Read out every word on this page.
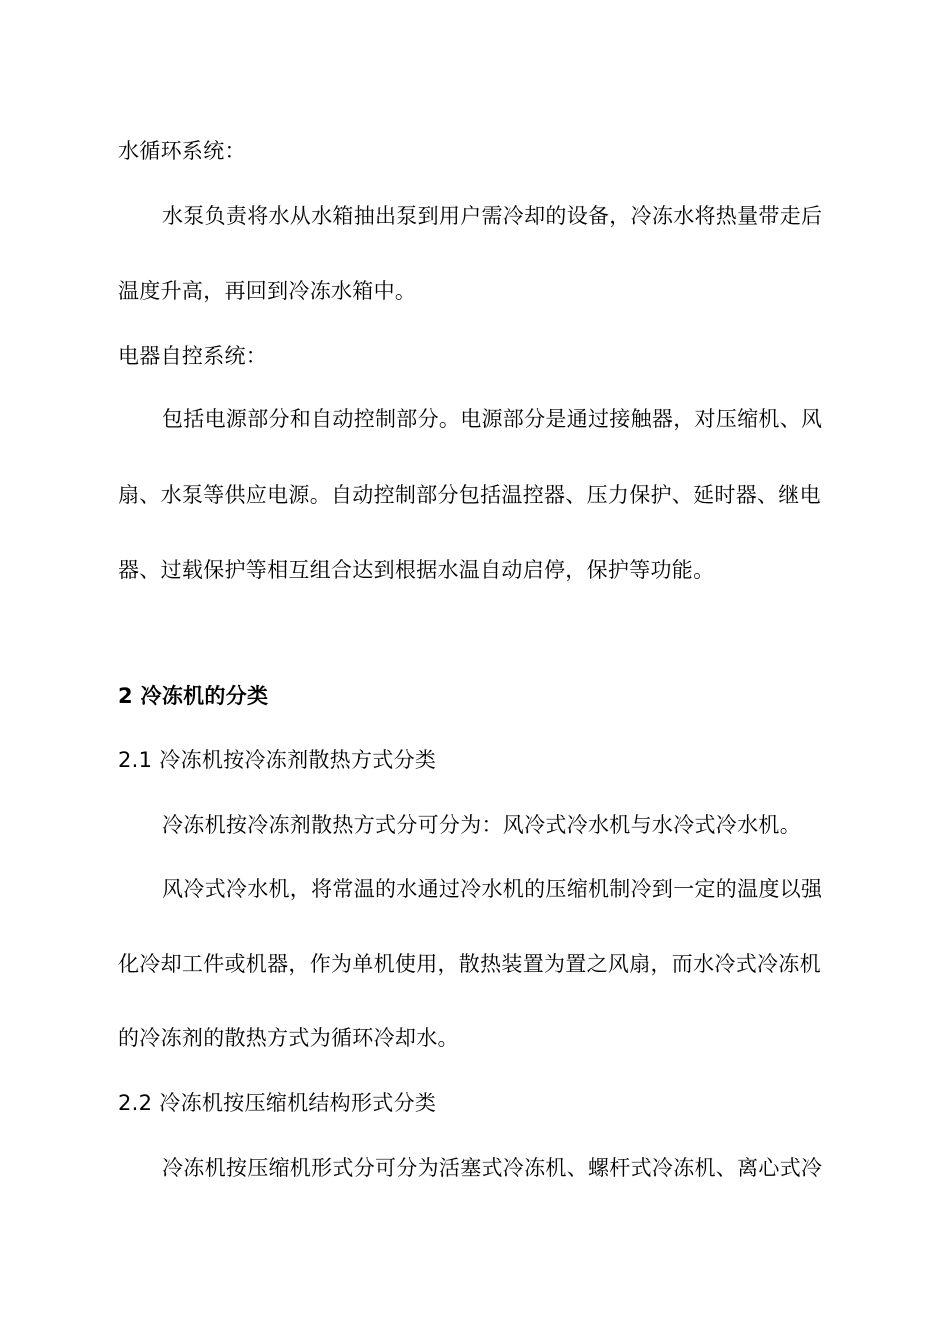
水循环系统：
水泵负责将水从水箱抽出泵到用户需冷却的设备，冷冻水将热量带走后
温度升高，再回到冷冻水箱中。
电器自控系统：
包括电源部分和自动控制部分。电源部分是通过接触器，对压缩机、风
扇、水泵等供应电源。自动控制部分包括温控器、压力保护、延时器、继电
器、过载保护等相互组合达到根据水温自动启停，保护等功能。
2 冷冻机的分类
2.1 冷冻机按冷冻剂散热方式分类
冷冻机按冷冻剂散热方式分可分为：风冷式冷水机与水冷式冷水机。
风冷式冷水机，将常温的水通过冷水机的压缩机制冷到一定的温度以强
化冷却工件或机器，作为单机使用，散热装置为置之风扇，而水冷式冷冻机
的冷冻剂的散热方式为循环冷却水。
2.2 冷冻机按压缩机结构形式分类
冷冻机按压缩机形式分可分为活塞式冷冻机、螺杆式冷冻机、离心式冷
